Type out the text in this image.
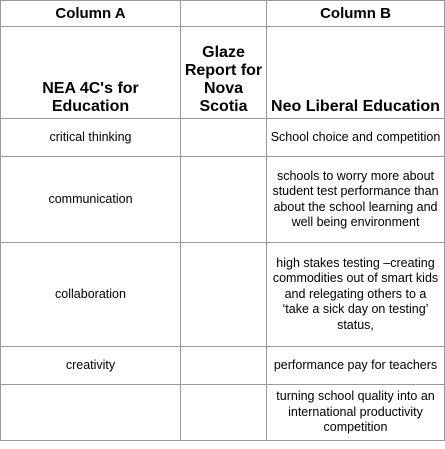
Column A		Column B
NEA 4C's for Education	Glaze Report for Nova Scotia	Neo Liberal Education
critical thinking		School choice and competition
communication		schools to worry more about student test performance than about the school learning and well being environment
collaboration		high stakes testing –creating commodities out of smart kids and relegating others to a ‘take a sick day on testing’ status,
creativity		performance pay for teachers
		turning school quality into an international productivity competition
